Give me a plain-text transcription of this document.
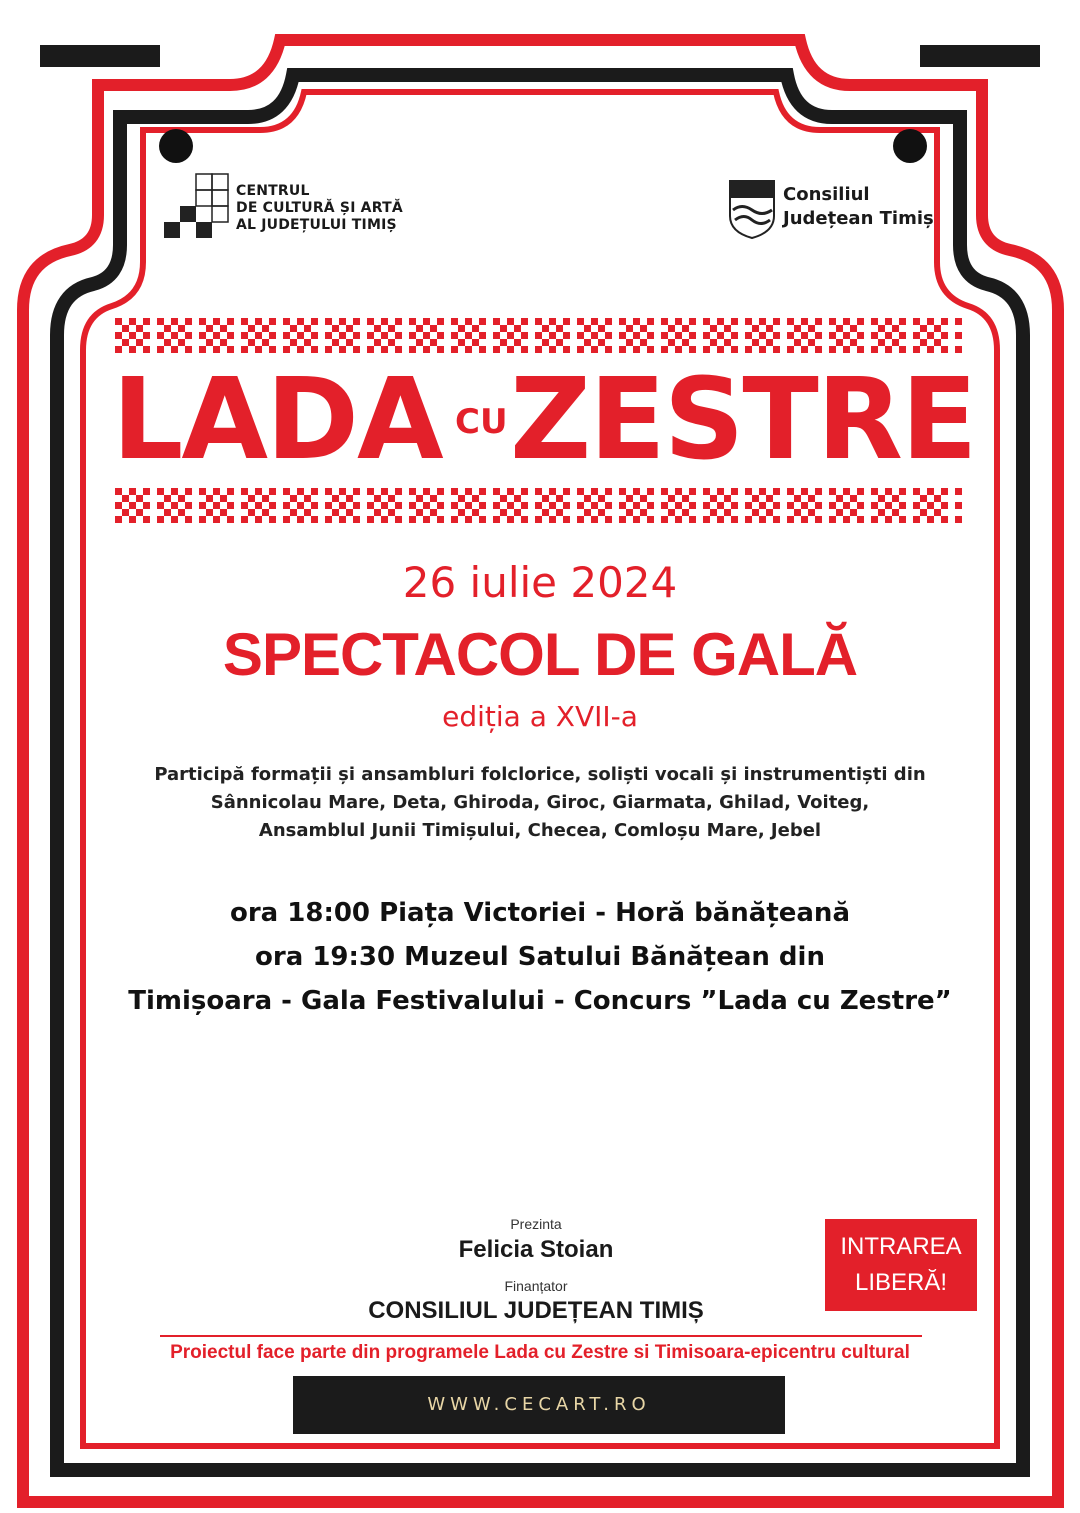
CENTRUL
DE CULTURĂ ȘI ARTĂ
AL JUDEȚULUI TIMIȘ
Consiliul
Județean Timiș
LADA CU ZESTRE
26 iulie 2024
SPECTACOL DE GALĂ
ediția a XVII-a
Participă formații și ansambluri folclorice, soliști vocali și instrumentiști din
Sânnicolau Mare, Deta, Ghiroda, Giroc, Giarmata, Ghilad, Voiteg,
Ansamblul Junii Timișului, Checea, Comloșu Mare, Jebel
ora 18:00 Piața Victoriei - Horă bănățeană
ora 19:30 Muzeul Satului Bănățean din
Timișoara - Gala Festivalului - Concurs ”Lada cu Zestre”
Prezinta
Felicia Stoian
Finanțator
CONSILIUL JUDEȚEAN TIMIȘ
INTRAREA
LIBERĂ!
Proiectul face parte din programele Lada cu Zestre si Timisoara-epicentru cultural
WWW.CECART.RO
